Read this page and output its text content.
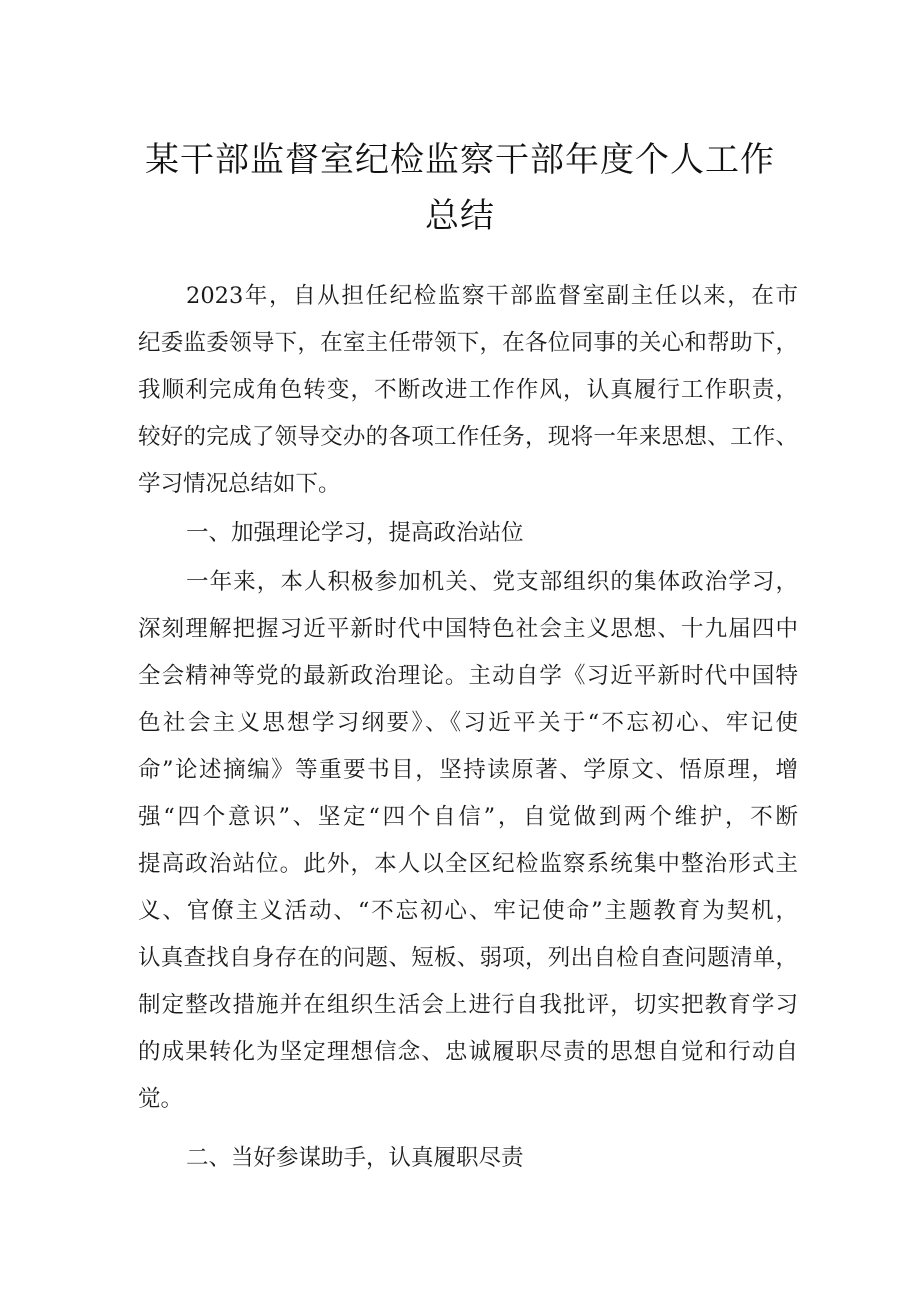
某干部监督室纪检监察干部年度个人工作
总结
2023年，自从担任纪检监察干部监督室副主任以来，在市
纪委监委领导下，在室主任带领下，在各位同事的关心和帮助下，
我顺利完成角色转变，不断改进工作作风，认真履行工作职责，
较好的完成了领导交办的各项工作任务，现将一年来思想、工作、
学习情况总结如下。
一、加强理论学习，提高政治站位
一年来，本人积极参加机关、党支部组织的集体政治学习，
深刻理解把握习近平新时代中国特色社会主义思想、十九届四中
全会精神等党的最新政治理论。主动自学《习近平新时代中国特
色社会主义思想学习纲要》、《习近平关于“不忘初心、牢记使
命”论述摘编》等重要书目，坚持读原著、学原文、悟原理，增
强“四个意识”、坚定“四个自信”，自觉做到两个维护，不断
提高政治站位。此外，本人以全区纪检监察系统集中整治形式主
义、官僚主义活动、“不忘初心、牢记使命”主题教育为契机，
认真查找自身存在的问题、短板、弱项，列出自检自查问题清单，
制定整改措施并在组织生活会上进行自我批评，切实把教育学习
的成果转化为坚定理想信念、忠诚履职尽责的思想自觉和行动自
觉。
二、当好参谋助手，认真履职尽责
